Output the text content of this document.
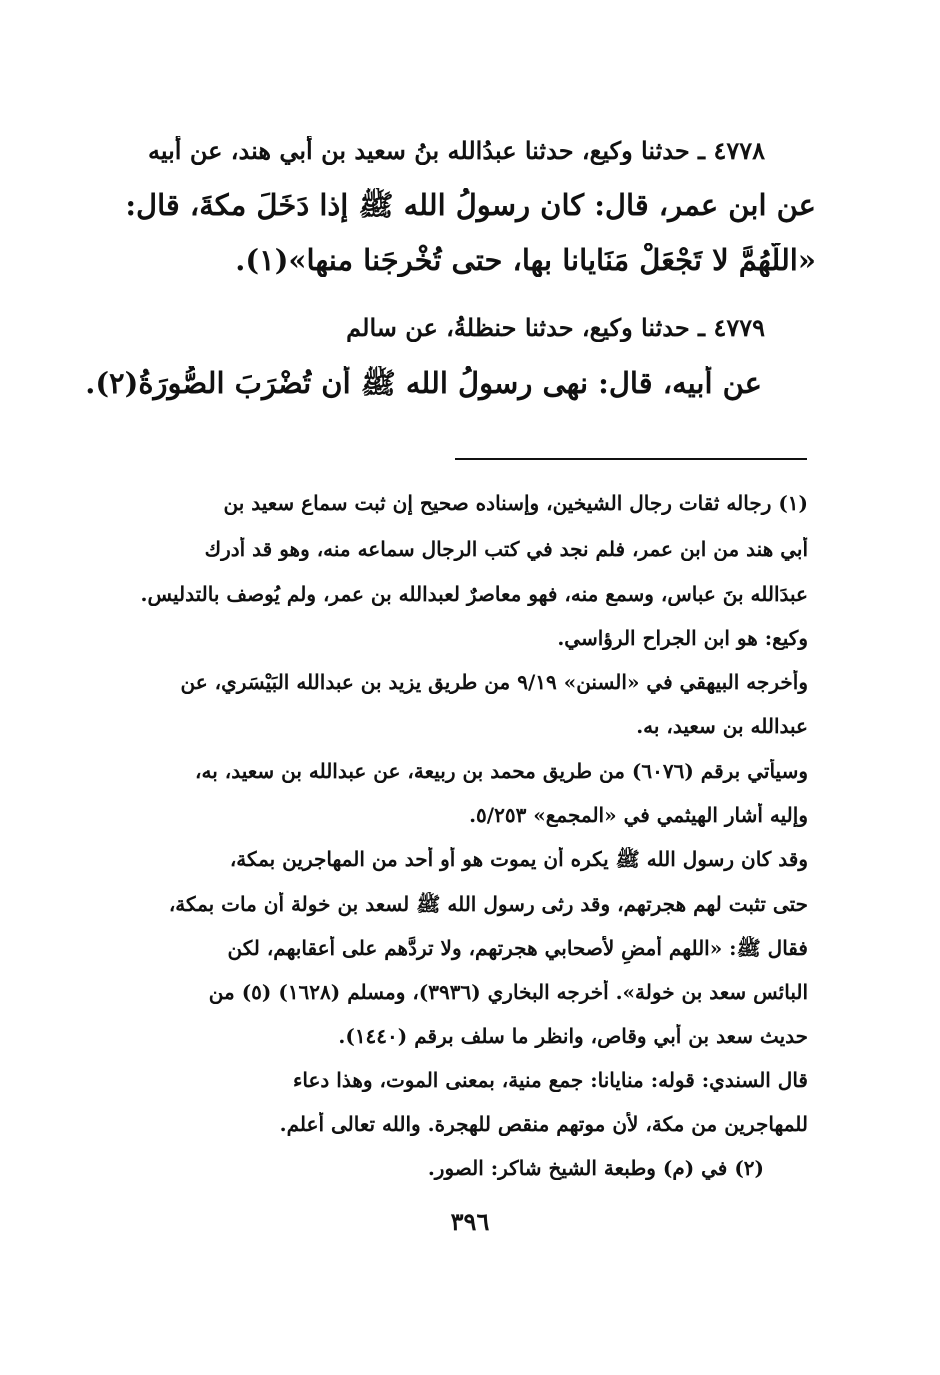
٤٧٧٨ ـ حدثنا وكيع، حدثنا عبدُالله بنُ سعيد بن أبي هند، عن أبيه
عن ابن عمر، قال: كان رسولُ الله ﷺ إذا دَخَلَ مكةَ، قال:
«اللَّهُمَّ لا تَجْعَلْ مَنَايانا بها، حتى تُخْرِجَنا منها»(١).
٤٧٧٩ ـ حدثنا وكيع، حدثنا حنظلةُ، عن سالم
عن أبيه، قال: نهى رسولُ الله ﷺ أن تُضْرَبَ الصُّورَةُ(٢).
(١) رجاله ثقات رجال الشيخين، وإسناده صحيح إن ثبت سماع سعيد بن
أبي هند من ابن عمر، فلم نجد في كتب الرجال سماعه منه، وهو قد أدرك
عبدَالله بنَ عباس، وسمع منه، فهو معاصرٌ لعبدالله بن عمر، ولم يُوصف بالتدليس.
وكيع: هو ابن الجراح الرؤاسي.
وأخرجه البيهقي في «السنن» ٩/١٩ من طريق يزيد بن عبدالله البَيْسَري، عن
عبدالله بن سعيد، به.
وسيأتي برقم (٦٠٧٦) من طريق محمد بن ربيعة، عن عبدالله بن سعيد، به،
وإليه أشار الهيثمي في «المجمع» ٥/٢٥٣.
وقد كان رسول الله ﷺ يكره أن يموت هو أو أحد من المهاجرين بمكة،
حتى تثبت لهم هجرتهم، وقد رثى رسول الله ﷺ لسعد بن خولة أن مات بمكة،
فقال ﷺ: «اللهم أمضِ لأصحابي هجرتهم، ولا تردَّهم على أعقابهم، لكن
البائس سعد بن خولة». أخرجه البخاري (٣٩٣٦)، ومسلم (١٦٢٨) (٥) من
حديث سعد بن أبي وقاص، وانظر ما سلف برقم (١٤٤٠).
قال السندي: قوله: منايانا: جمع منية، بمعنى الموت، وهذا دعاء
للمهاجرين من مكة، لأن موتهم منقص للهجرة. والله تعالى أعلم.
(٢) في (م) وطبعة الشيخ شاكر: الصور.
٣٩٦
